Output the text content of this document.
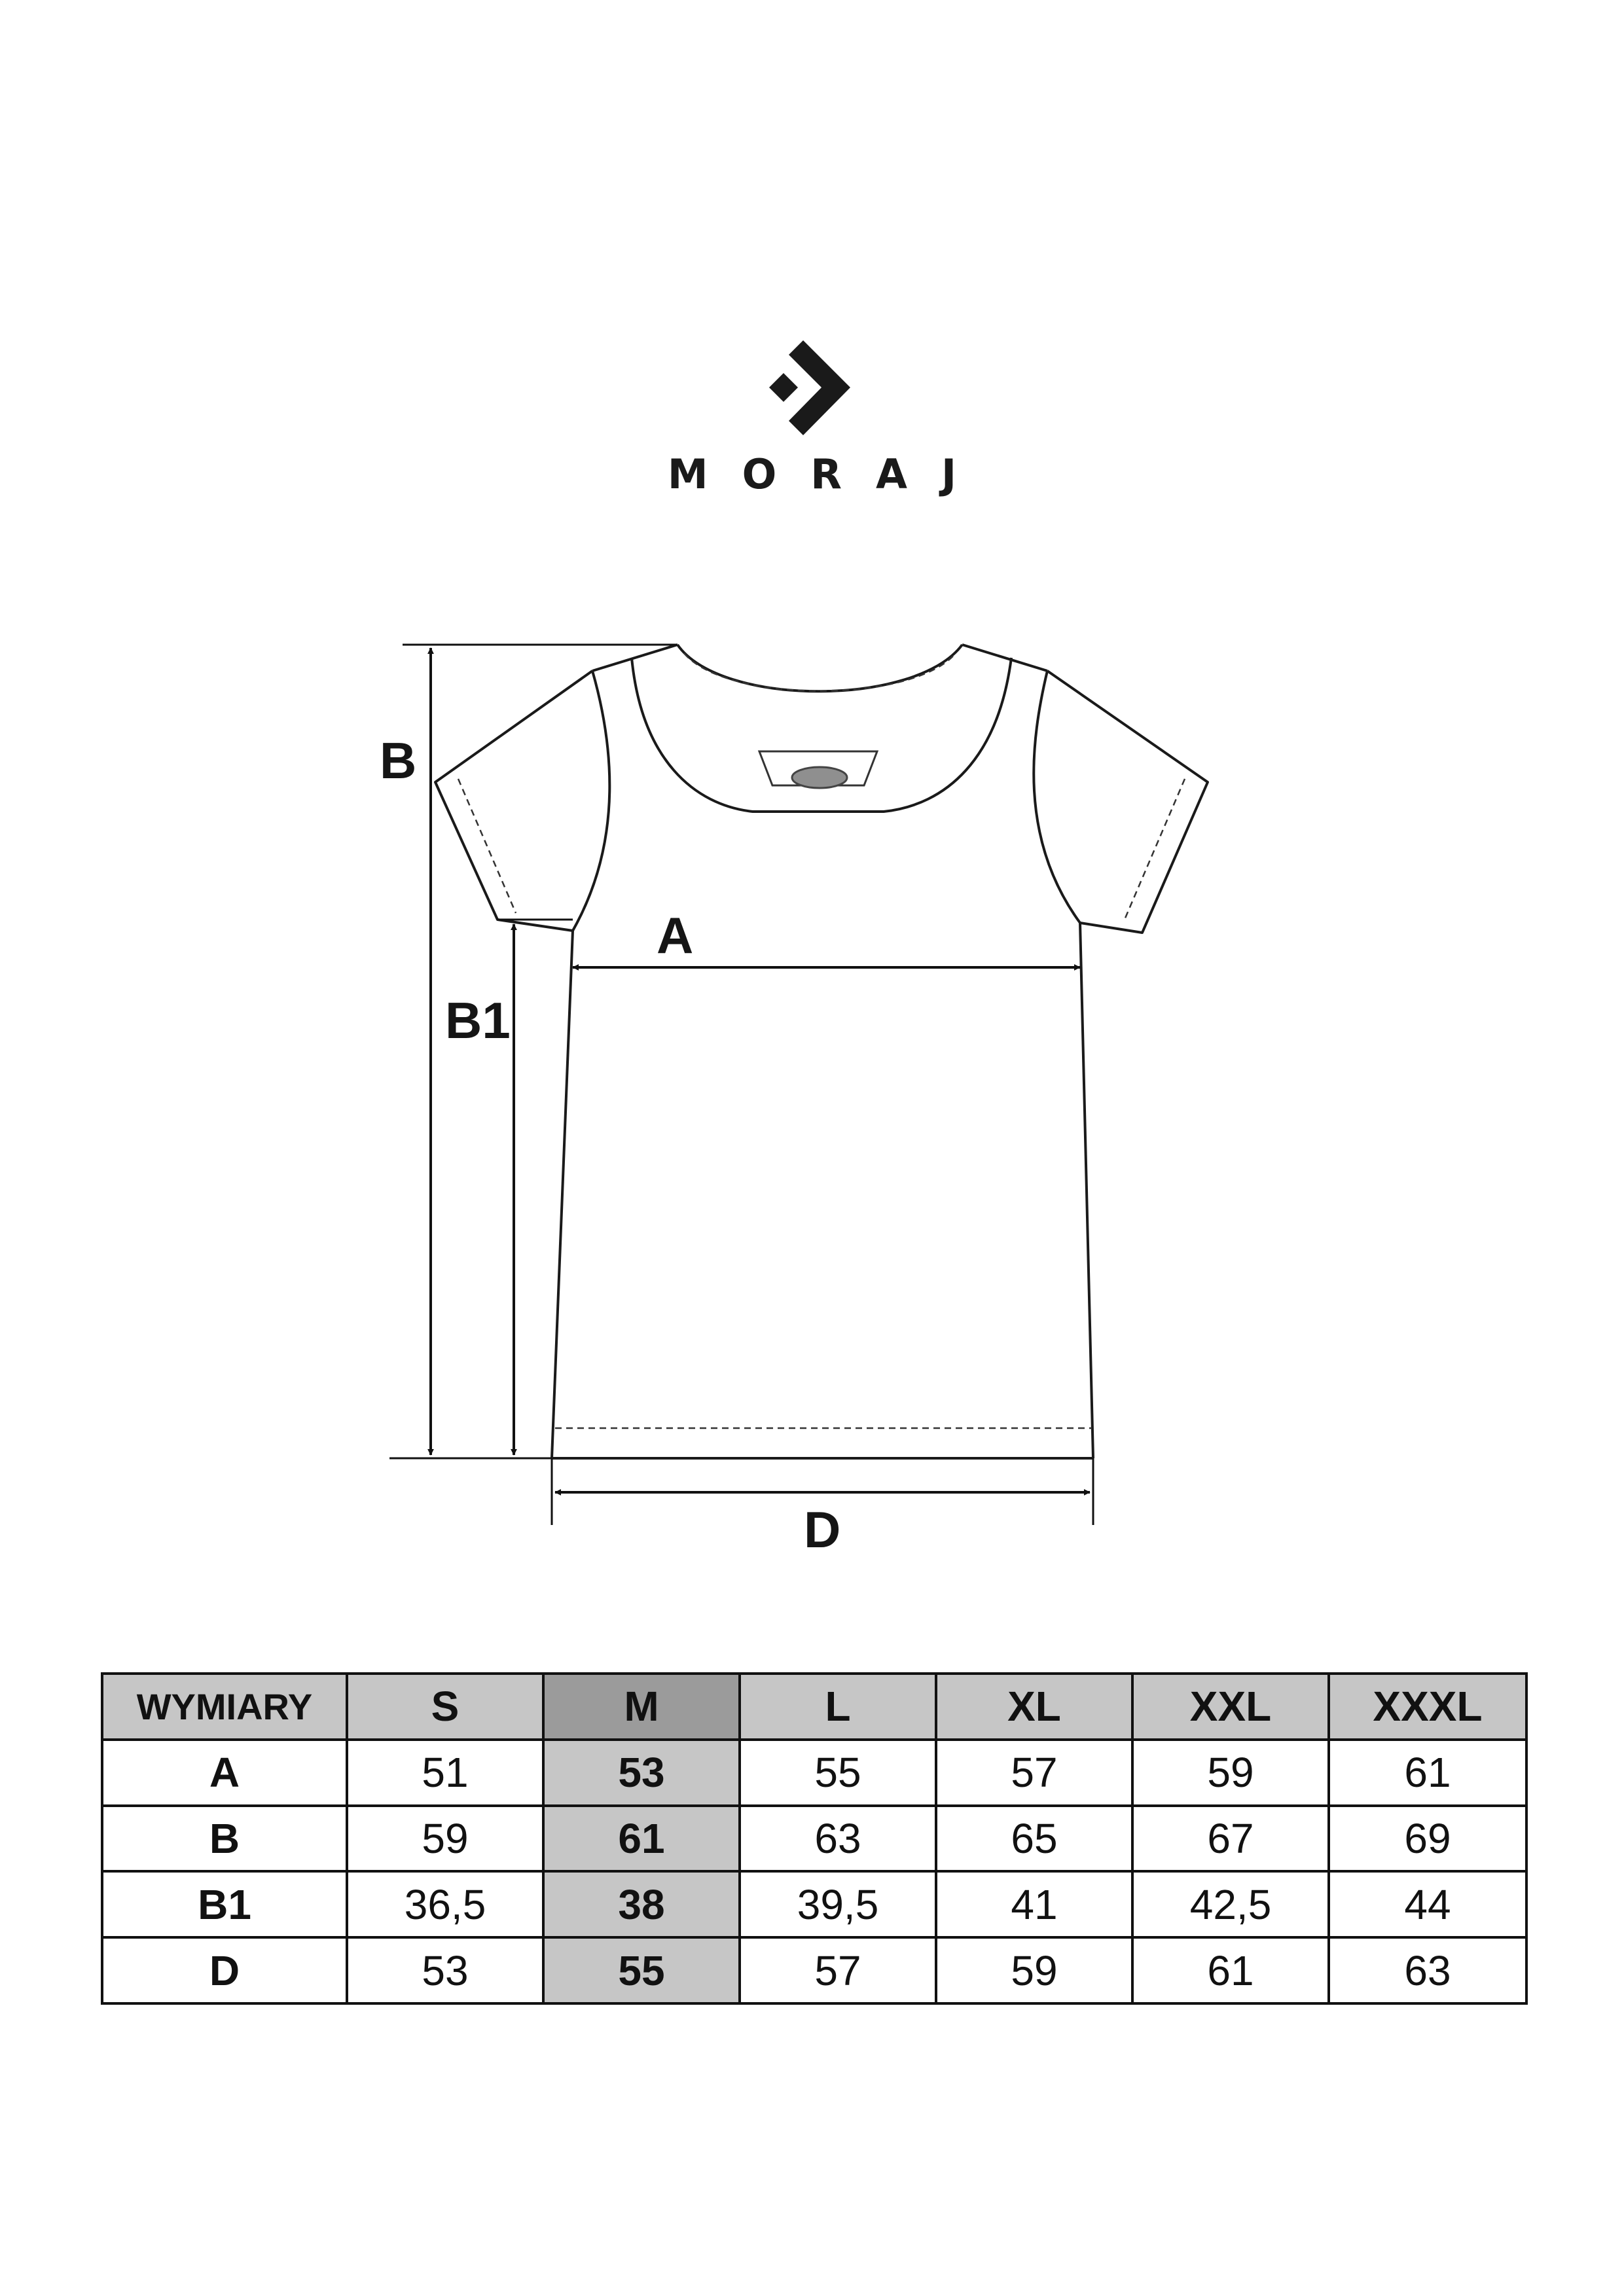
MORAJ
B
B1
A
D
WYMIARY	S	M	L	XL	XXL	XXXL
A	51	53	55	57	59	61
B	59	61	63	65	67	69
B1	36,5	38	39,5	41	42,5	44
D	53	55	57	59	61	63
